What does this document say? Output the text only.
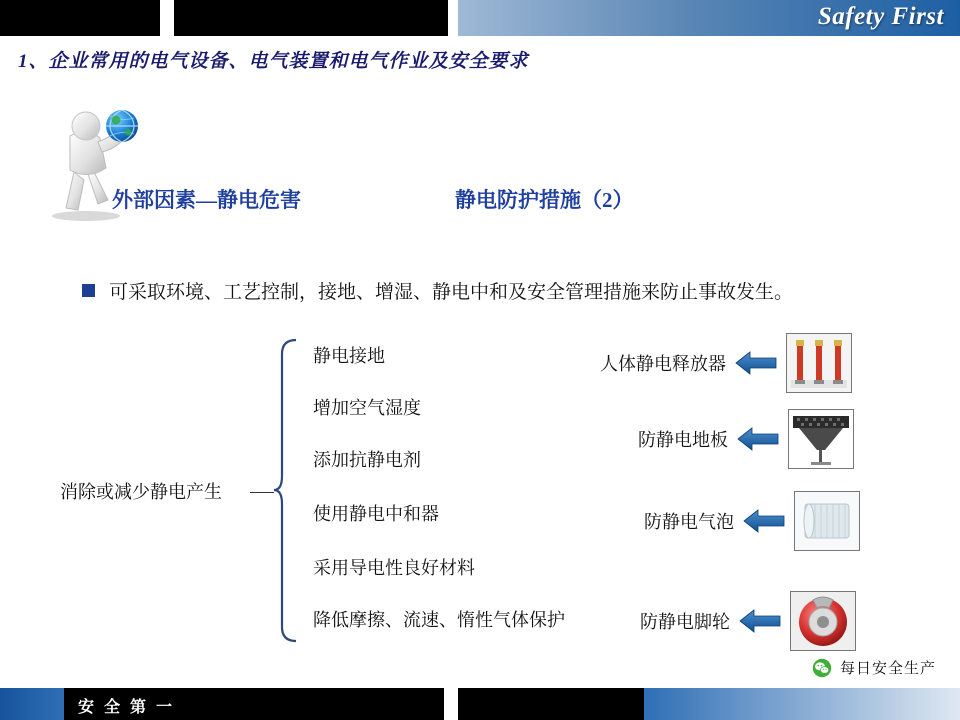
Safety First
1、企业常用的电气设备、电气装置和电气作业及安全要求
外部因素—静电危害	静电防护措施（2）
可采取环境、工艺控制，接地、增湿、静电中和及安全管理措施来防止事故发生。
消除或减少静电产生
静电接地
增加空气湿度
添加抗静电剂
使用静电中和器
采用导电性良好材料
降低摩擦、流速、惰性气体保护
人体静电释放器
防静电地板
防静电气泡
防静电脚轮
每日安全生产
安 全 第 一
